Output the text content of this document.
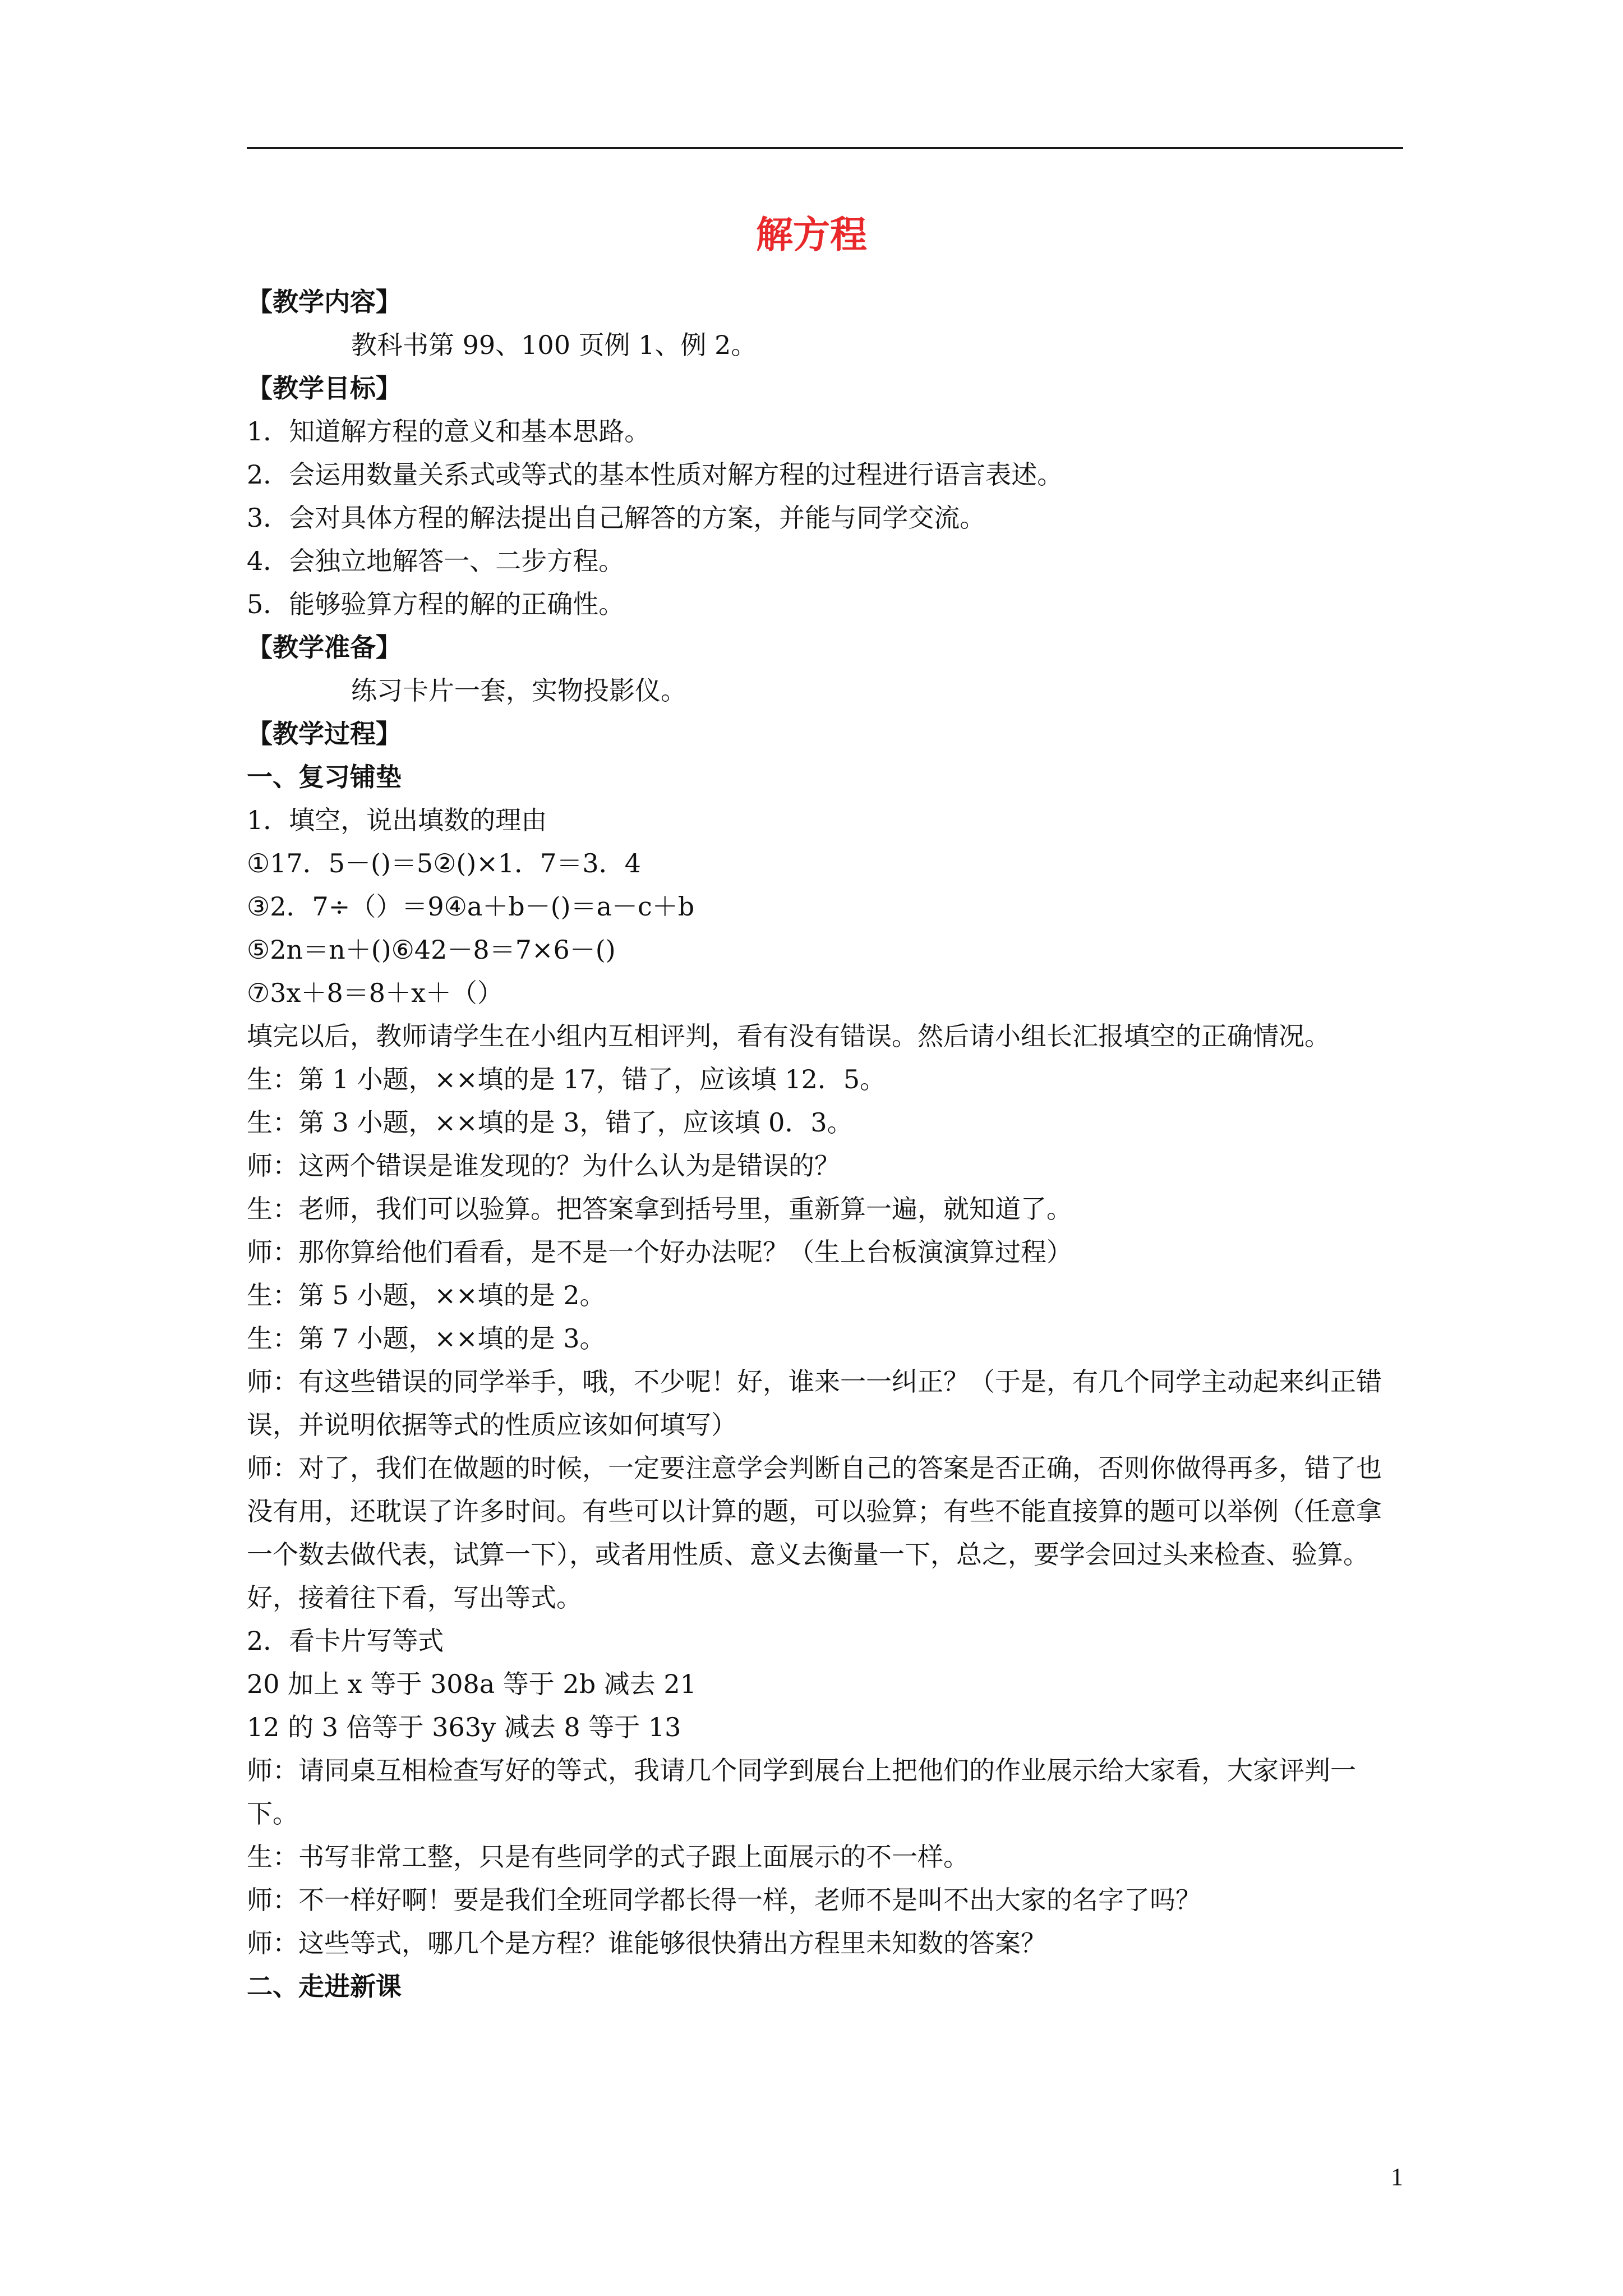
解方程
【教学内容】
教科书第 99、100 页例 1、例 2。
【教学目标】
1．知道解方程的意义和基本思路。
2．会运用数量关系式或等式的基本性质对解方程的过程进行语言表述。
3．会对具体方程的解法提出自己解答的方案，并能与同学交流。
4．会独立地解答一、二步方程。
5．能够验算方程的解的正确性。
【教学准备】
练习卡片一套，实物投影仪。
【教学过程】
一、复习铺垫
1．填空，说出填数的理由
①17．5－()＝5②()×1．7＝3．4
③2．7÷（）＝9④a＋b－()＝a－c＋b
⑤2n＝n＋()⑥42－8＝7×6－()
⑦3x＋8＝8＋x＋（）
填完以后，教师请学生在小组内互相评判，看有没有错误。然后请小组长汇报填空的正确情况。
生：第 1 小题，××填的是 17，错了，应该填 12．5。
生：第 3 小题，××填的是 3，错了，应该填 0．3。
师：这两个错误是谁发现的？为什么认为是错误的？
生：老师，我们可以验算。把答案拿到括号里，重新算一遍，就知道了。
师：那你算给他们看看，是不是一个好办法呢？（生上台板演演算过程）
生：第 5 小题，××填的是 2。
生：第 7 小题，××填的是 3。
师：有这些错误的同学举手，哦，不少呢！好，谁来一一纠正？（于是，有几个同学主动起来纠正错误，并说明依据等式的性质应该如何填写）
师：对了，我们在做题的时候，一定要注意学会判断自己的答案是否正确，否则你做得再多，错了也没有用，还耽误了许多时间。有些可以计算的题，可以验算；有些不能直接算的题可以举例（任意拿一个数去做代表，试算一下），或者用性质、意义去衡量一下，总之，要学会回过头来检查、验算。好，接着往下看，写出等式。
2．看卡片写等式
20 加上 x 等于 308a 等于 2b 减去 21
12 的 3 倍等于 363y 减去 8 等于 13
师：请同桌互相检查写好的等式，我请几个同学到展台上把他们的作业展示给大家看，大家评判一下。
生：书写非常工整，只是有些同学的式子跟上面展示的不一样。
师：不一样好啊！要是我们全班同学都长得一样，老师不是叫不出大家的名字了吗？
师：这些等式，哪几个是方程？谁能够很快猜出方程里未知数的答案？
二、走进新课
1
